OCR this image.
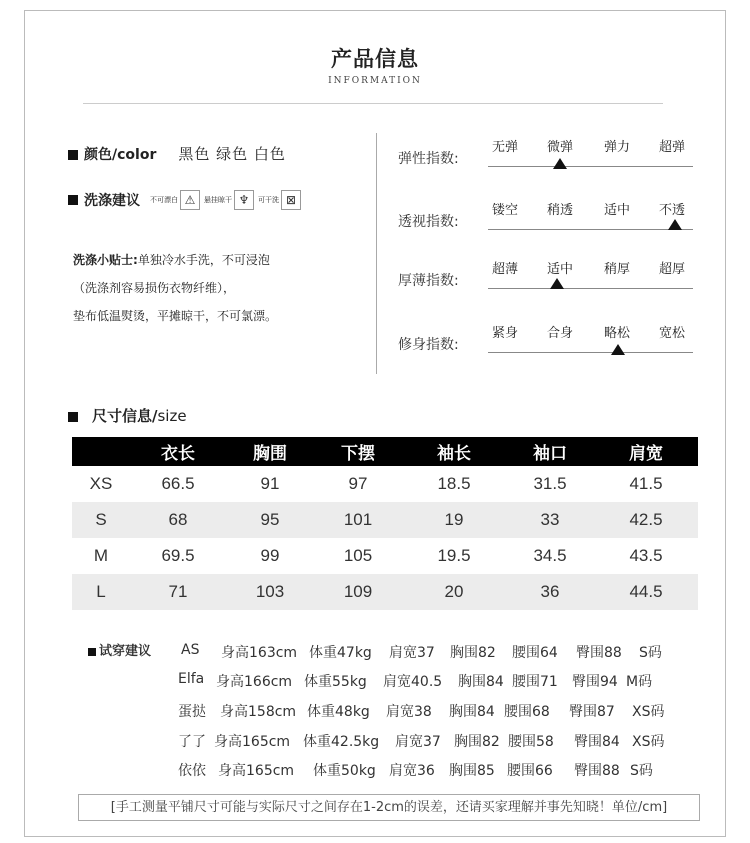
产品信息
INFORMATION
颜色/color 黑色 绿色 白色
洗涤建议 不可漂白 ⚠	悬挂晾干 ♆	可干洗 ⊠
洗涤小贴士:单独冷水手洗，不可浸泡
（洗涤剂容易损伤衣物纤维），
垫布低温熨烫，平摊晾干，不可氯漂。
弹性指数:
无弹	微弹	弹力	超弹
透视指数:
镂空	稍透	适中	不透
厚薄指数:
超薄	适中	稍厚	超厚
修身指数:
紧身	合身	略松	宽松
尺寸信息/size
	衣长	胸围	下摆	袖长	袖口	肩宽
XS	66.5	91	97	18.5	31.5	41.5
S	68	95	101	19	33	42.5
M	69.5	99	105	19.5	34.5	43.5
L	71	103	109	20	36	44.5
试穿建议 AS 身高163cm 体重47kg 肩宽37 胸围82 腰围64 臀围88 S码
Elfa 身高166cm 体重55kg 肩宽40.5 胸围84 腰围71 臀围94 M码
蛋挞 身高158cm 体重48kg 肩宽38 胸围84 腰围68 臀围87 XS码
了了 身高165cm 体重42.5kg 肩宽37 胸围82 腰围58 臀围84 XS码
依依 身高165cm 体重50kg 肩宽36 胸围85 腰围66 臀围88 S码
[手工测量平铺尺寸可能与实际尺寸之间存在1-2cm的误差，还请买家理解并事先知晓！单位/cm]
